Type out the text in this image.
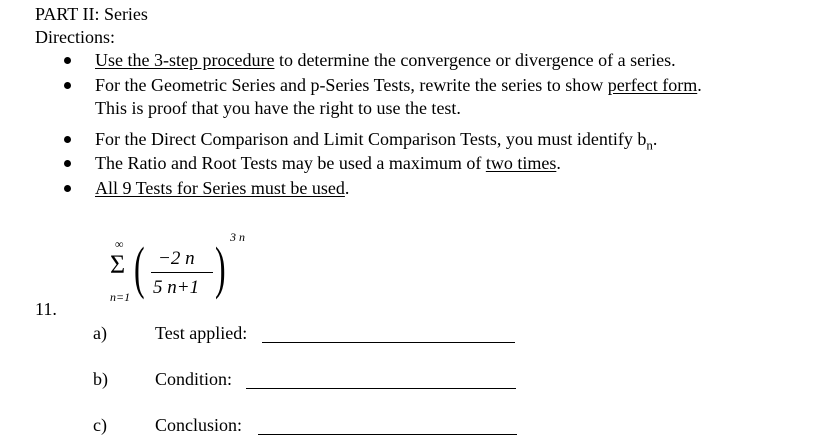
PART II: Series
Directions:
Use the 3-step procedure to determine the convergence or divergence of a series.
For the Geometric Series and p-Series Tests, rewrite the series to show perfect form.
This is proof that you have the right to use the test.
For the Direct Comparison and Limit Comparison Tests, you must identify $b_n$.
The Ratio and Root Tests may be used a maximum of two times.
All 9 Tests for Series must be used.
11.
∞
Σ
n=1 ( −2 n
5 n+1 ) 3 n
a)	Test applied:
b)	Condition:
c)	Conclusion:
